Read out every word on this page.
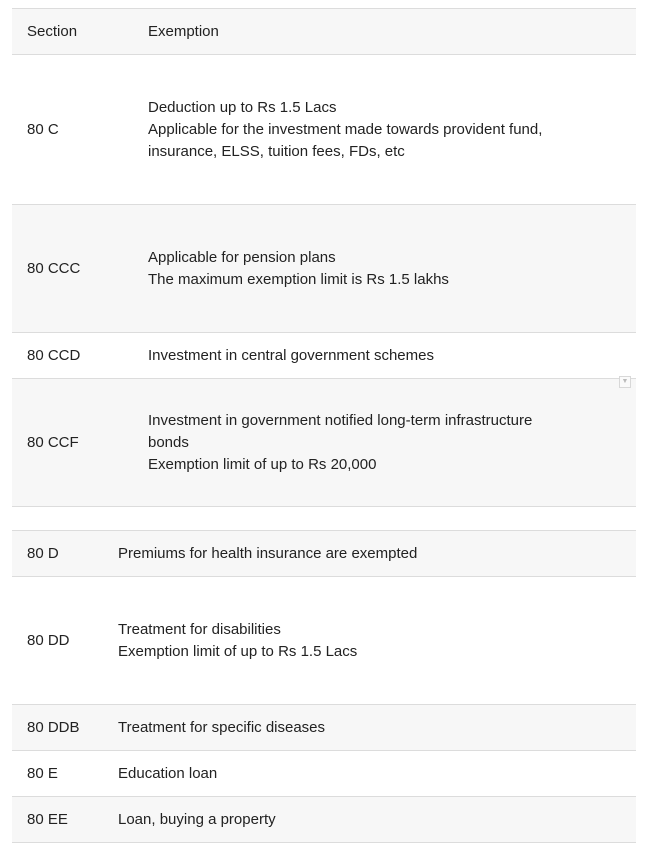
Section	Exemption
80 C	Deduction up to Rs 1.5 Lacs
Applicable for the investment made towards provident fund,
insurance, ELSS, tuition fees, FDs, etc

80 CCC	Applicable for pension plans
The maximum exemption limit is Rs 1.5 lakhs

80 CCD	Investment in central government schemes

80 CCF	Investment in government notified long-term infrastructure
bonds
Exemption limit of up to Rs 20,000
▼
80 D	Premiums for health insurance are exempted

80 DD	Treatment for disabilities
Exemption limit of up to Rs 1.5 Lacs

80 DDB	Treatment for specific diseases

80 E	Education loan

80 EE	Loan, buying a property
